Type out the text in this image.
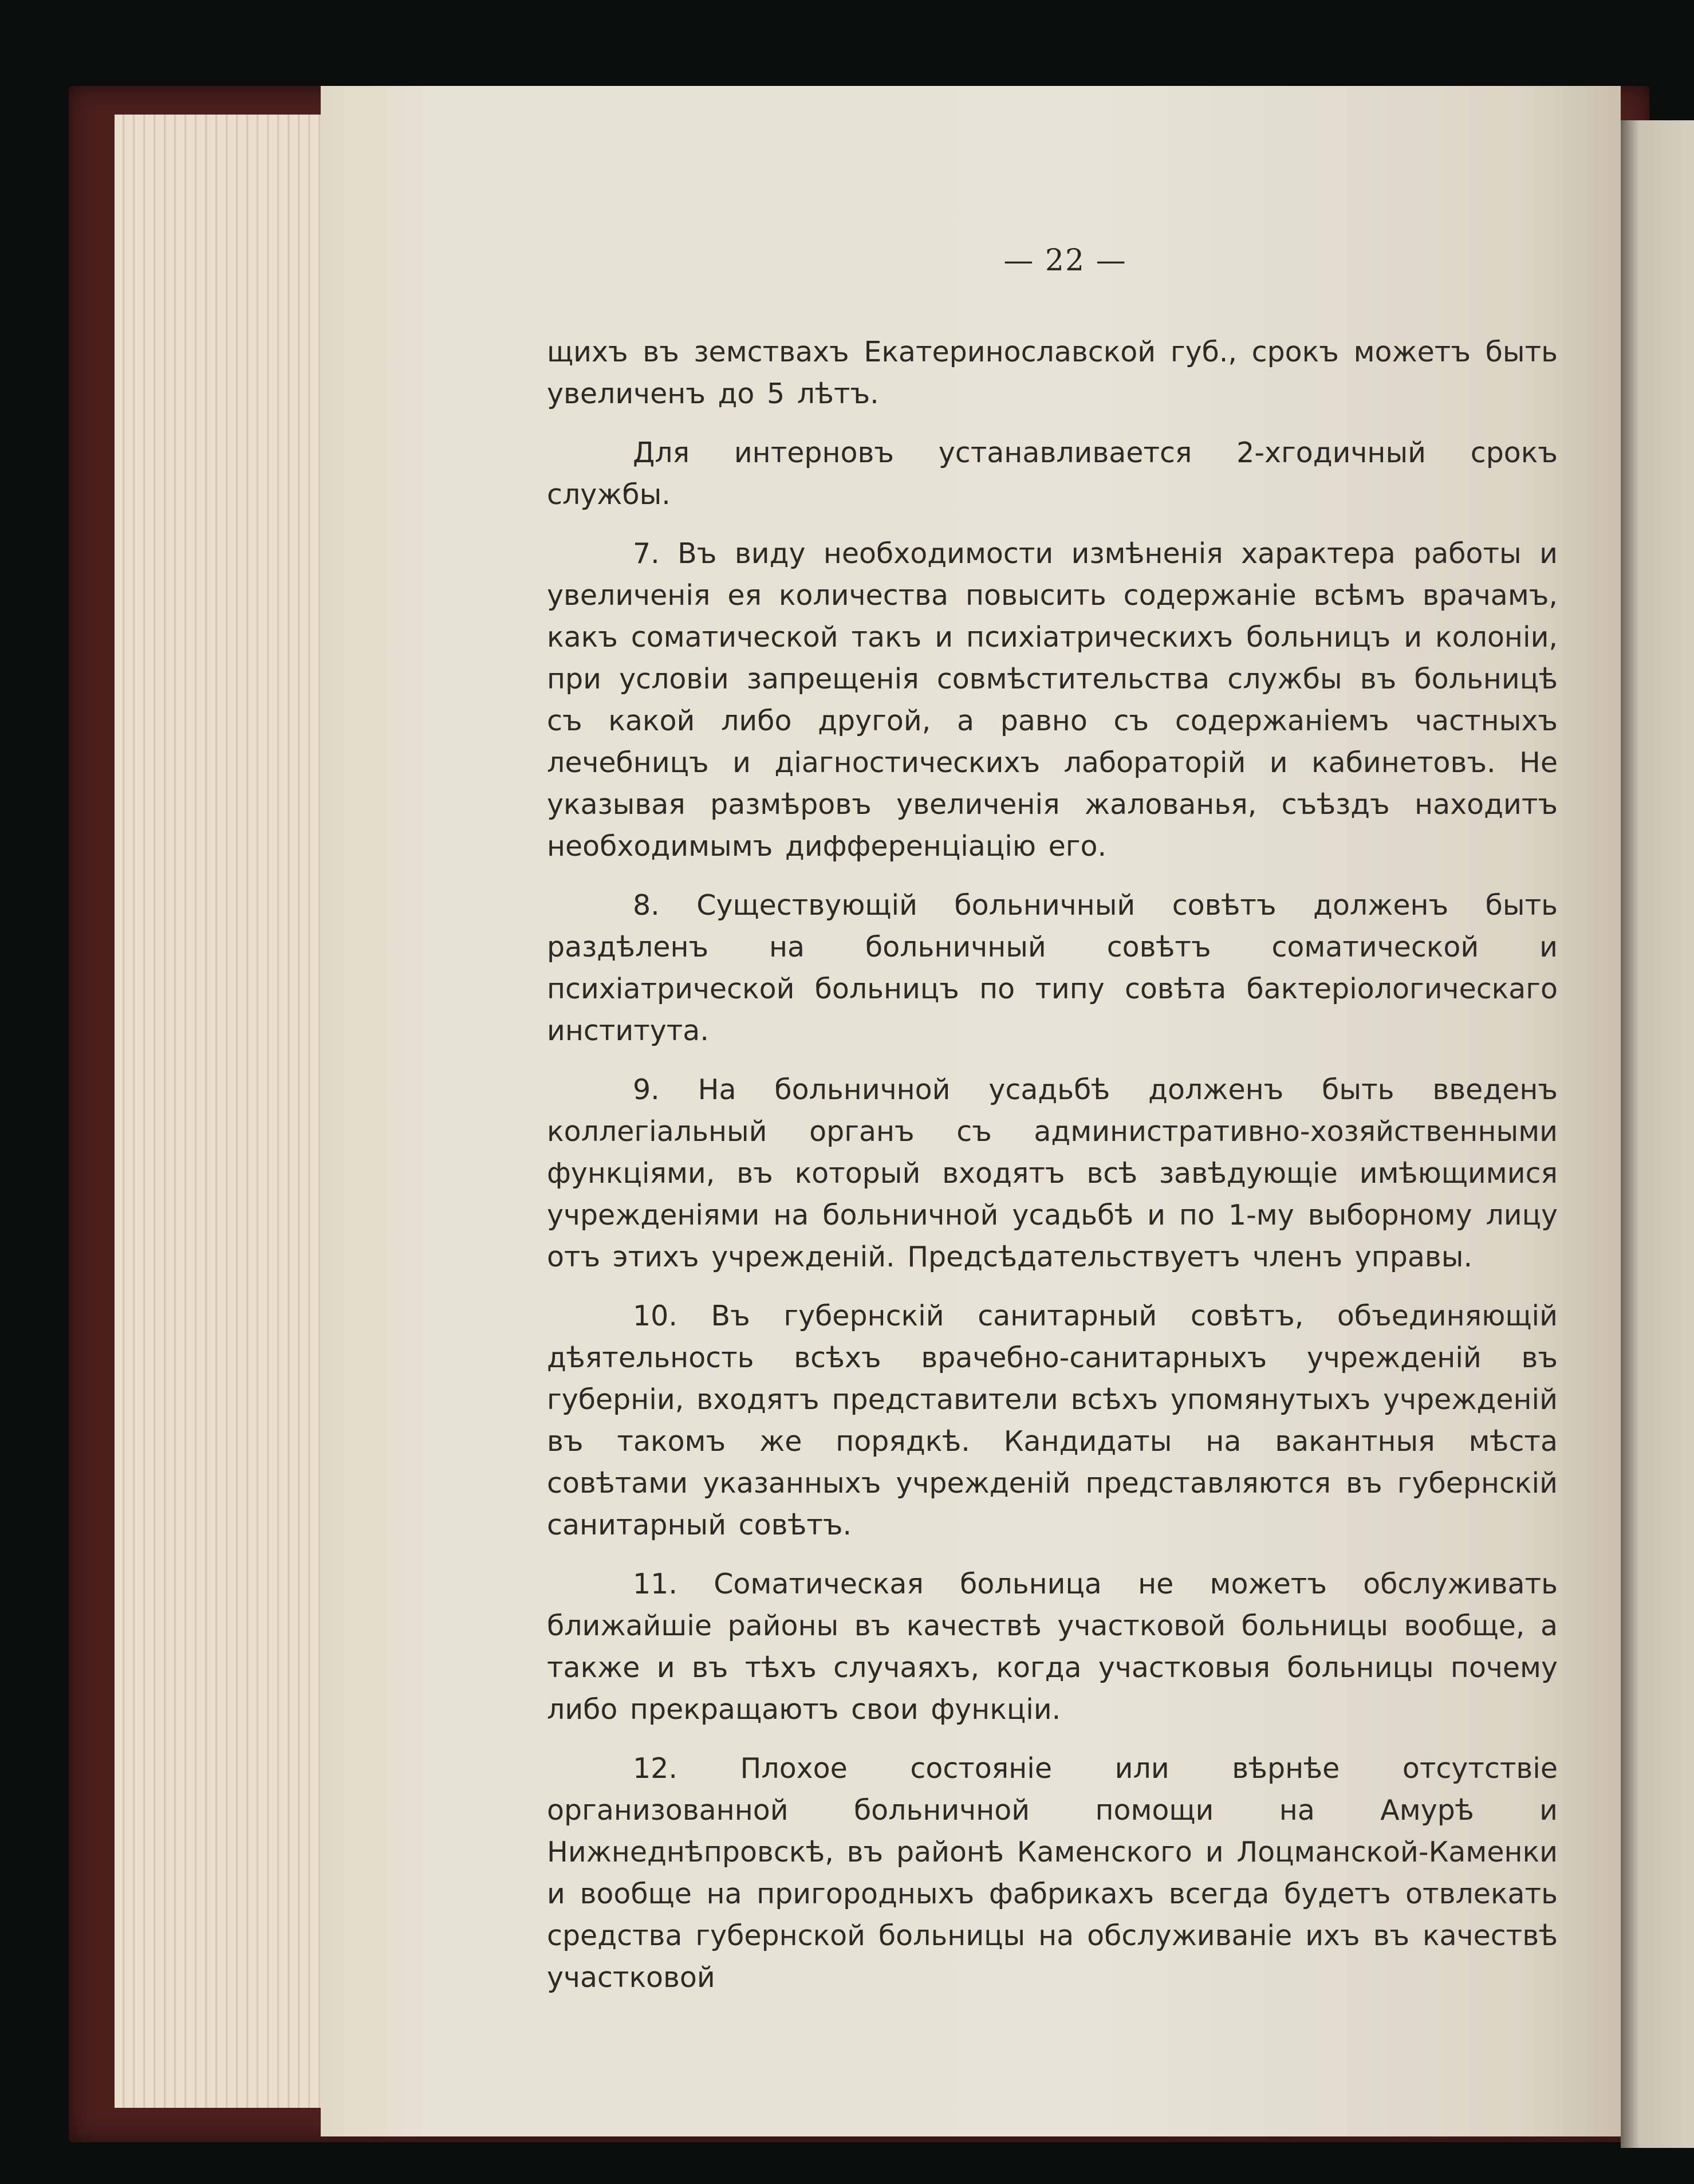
— 22 —

щихъ въ земствахъ Екатеринославской губ., срокъ можетъ быть увеличенъ до 5 лѣтъ.

Для интерновъ устанавливается 2-хгодичный срокъ службы.

7. Въ виду необходимости измѣненія характера работы и увеличенія ея количества повысить содержаніе всѣмъ врачамъ, какъ соматической такъ и психіатрическихъ больницъ и колоніи, при условіи запрещенія совмѣстительства службы въ больницѣ съ какой либо другой, а равно съ содержаніемъ частныхъ лечебницъ и діагностическихъ лабораторій и кабинетовъ. Не указывая размѣровъ увеличенія жалованья, съѣздъ находитъ необходимымъ дифференціацію его.

8. Существующій больничный совѣтъ долженъ быть раздѣленъ на больничный совѣтъ соматической и психіатрической больницъ по типу совѣта бактеріологическаго института.

9. На больничной усадьбѣ долженъ быть введенъ коллегіальный органъ съ административно-хозяйственными функціями, въ который входятъ всѣ завѣдующіе имѣющимися учрежденіями на больничной усадьбѣ и по 1-му выборному лицу отъ этихъ учрежденій. Предсѣдательствуетъ членъ управы.

10. Въ губернскій санитарный совѣтъ, объединяющій дѣятельность всѣхъ врачебно-санитарныхъ учрежденій въ губерніи, входятъ представители всѣхъ упомянутыхъ учрежденій въ такомъ же порядкѣ. Кандидаты на вакантныя мѣста совѣтами указанныхъ учрежденій представляются въ губернскій санитарный совѣтъ.

11. Соматическая больница не можетъ обслуживать ближайшіе районы въ качествѣ участковой больницы вообще, а также и въ тѣхъ случаяхъ, когда участковыя больницы почему либо прекращаютъ свои функціи.

12. Плохое состояніе или вѣрнѣе отсутствіе организованной больничной помощи на Амурѣ и Нижнеднѣпровскѣ, въ районѣ Каменского и Лоцманской-Каменки и вообще на пригородныхъ фабрикахъ всегда будетъ отвлекать средства губернской больницы на обслуживаніе ихъ въ качествѣ участковой
